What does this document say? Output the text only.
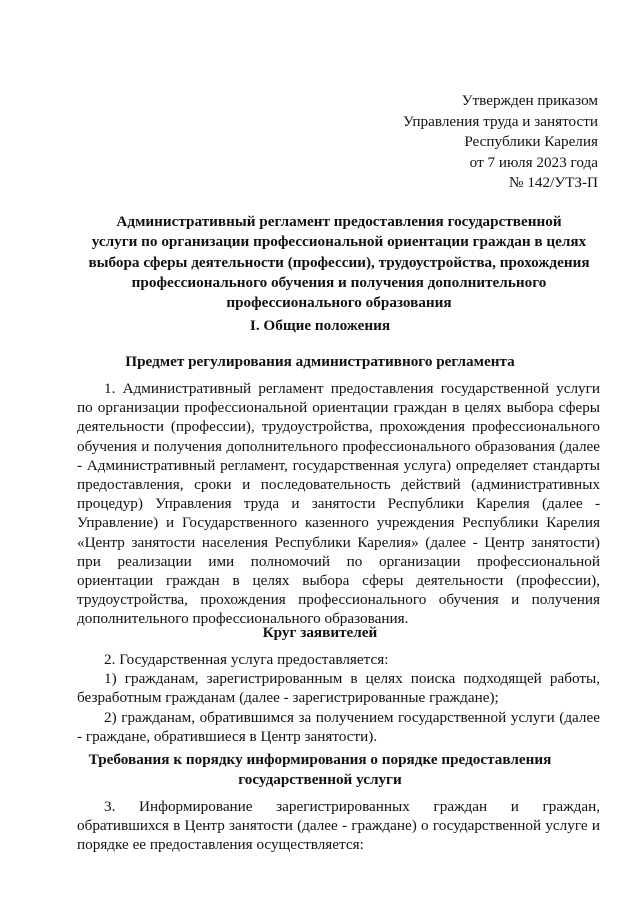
Утвержден приказом
Управления труда и занятости
Республики Карелия
от 7 июля 2023 года
№ 142/УТЗ-П
Административный регламент предоставления государственной
услуги по организации профессиональной ориентации граждан в целях
выбора сферы деятельности (профессии), трудоустройства, прохождения
профессионального обучения и получения дополнительного
профессионального образования
I. Общие положения
Предмет регулирования административного регламента
1. Административный регламент предоставления государственной услуги
по организации профессиональной ориентации граждан в целях выбора сферы
деятельности (профессии), трудоустройства, прохождения профессионального
обучения и получения дополнительного профессионального образования (далее
- Административный регламент, государственная услуга) определяет стандарты
предоставления, сроки и последовательность действий (административных
процедур) Управления труда и занятости Республики Карелия (далее -
Управление) и Государственного казенного учреждения Республики Карелия
«Центр занятости населения Республики Карелия» (далее - Центр занятости)
при реализации ими полномочий по организации профессиональной
ориентации граждан в целях выбора сферы деятельности (профессии),
трудоустройства, прохождения профессионального обучения и получения
дополнительного профессионального образования.
Круг заявителей
2. Государственная услуга предоставляется:
1) гражданам, зарегистрированным в целях поиска подходящей работы,
безработным гражданам (далее - зарегистрированные граждане);
2) гражданам, обратившимся за получением государственной услуги (далее
- граждане, обратившиеся в Центр занятости).
Требования к порядку информирования о порядке предоставления
государственной услуги
3. Информирование зарегистрированных граждан и граждан,
обратившихся в Центр занятости (далее - граждане) о государственной услуге и
порядке ее предоставления осуществляется:
